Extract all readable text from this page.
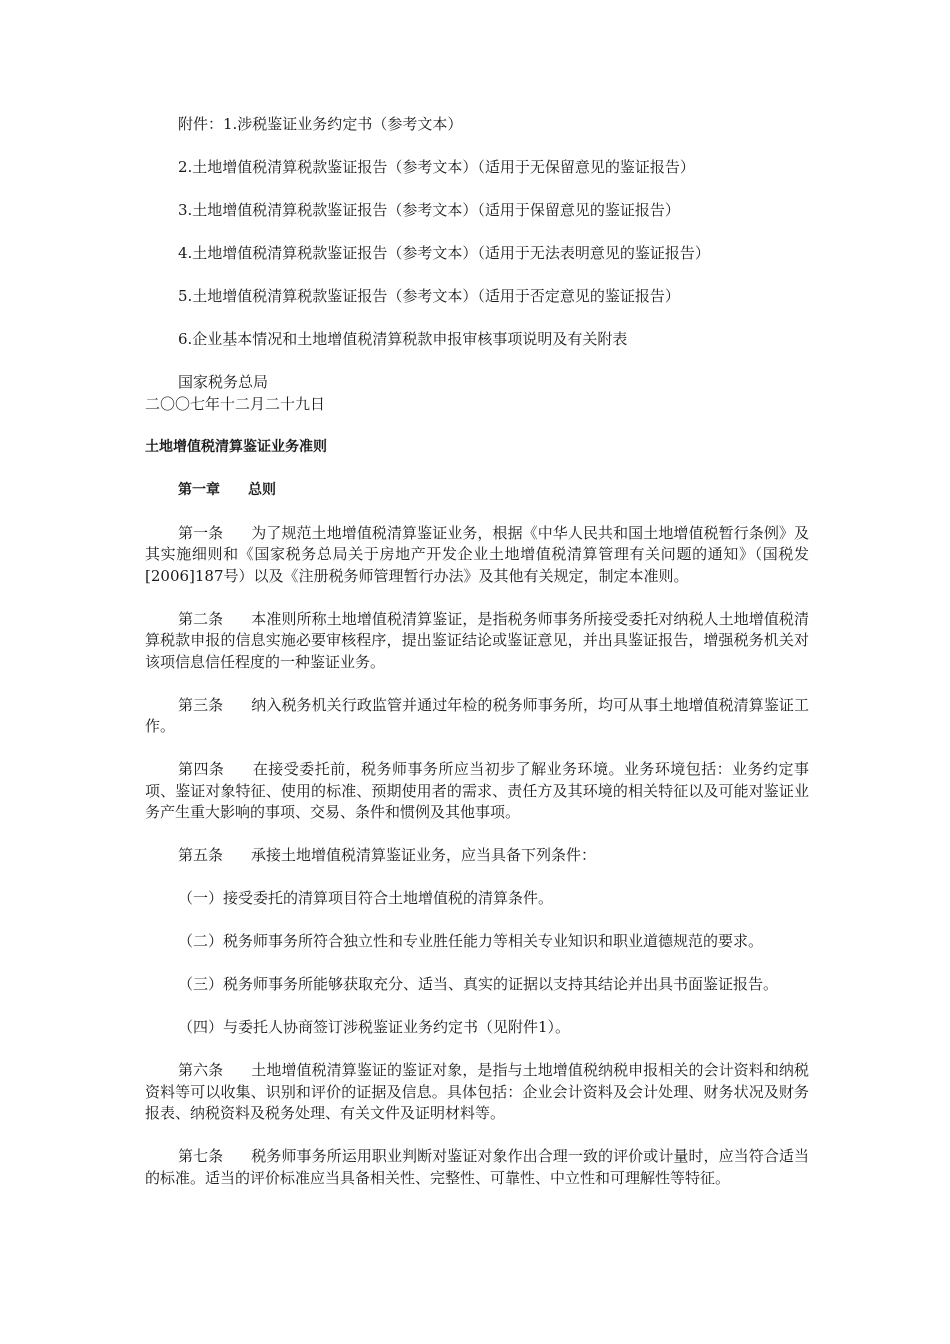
附件：1.涉税鉴证业务约定书（参考文本）

2.土地增值税清算税款鉴证报告（参考文本）（适用于无保留意见的鉴证报告）

3.土地增值税清算税款鉴证报告（参考文本）（适用于保留意见的鉴证报告）

4.土地增值税清算税款鉴证报告（参考文本）（适用于无法表明意见的鉴证报告）

5.土地增值税清算税款鉴证报告（参考文本）（适用于否定意见的鉴证报告）

6.企业基本情况和土地增值税清算税款申报审核事项说明及有关附表

国家税务总局

二〇〇七年十二月二十九日

土地增值税清算鉴证业务准则

第一章 总则

第一条 为了规范土地增值税清算鉴证业务，根据《中华人民共和国土地增值税暂行条例》及其实施细则和《国家税务总局关于房地产开发企业土地增值税清算管理有关问题的通知》（国税发[2006]187号）以及《注册税务师管理暂行办法》及其他有关规定，制定本准则。

第二条 本准则所称土地增值税清算鉴证，是指税务师事务所接受委托对纳税人土地增值税清算税款申报的信息实施必要审核程序，提出鉴证结论或鉴证意见，并出具鉴证报告，增强税务机关对该项信息信任程度的一种鉴证业务。

第三条 纳入税务机关行政监管并通过年检的税务师事务所，均可从事土地增值税清算鉴证工作。

第四条 在接受委托前，税务师事务所应当初步了解业务环境。业务环境包括：业务约定事项、鉴证对象特征、使用的标准、预期使用者的需求、责任方及其环境的相关特征以及可能对鉴证业务产生重大影响的事项、交易、条件和惯例及其他事项。

第五条 承接土地增值税清算鉴证业务，应当具备下列条件：

（一）接受委托的清算项目符合土地增值税的清算条件。

（二）税务师事务所符合独立性和专业胜任能力等相关专业知识和职业道德规范的要求。

（三）税务师事务所能够获取充分、适当、真实的证据以支持其结论并出具书面鉴证报告。

（四）与委托人协商签订涉税鉴证业务约定书（见附件1）。

第六条 土地增值税清算鉴证的鉴证对象，是指与土地增值税纳税申报相关的会计资料和纳税资料等可以收集、识别和评价的证据及信息。具体包括：企业会计资料及会计处理、财务状况及财务报表、纳税资料及税务处理、有关文件及证明材料等。

第七条 税务师事务所运用职业判断对鉴证对象作出合理一致的评价或计量时，应当符合适当的标准。适当的评价标准应当具备相关性、完整性、可靠性、中立性和可理解性等特征。
